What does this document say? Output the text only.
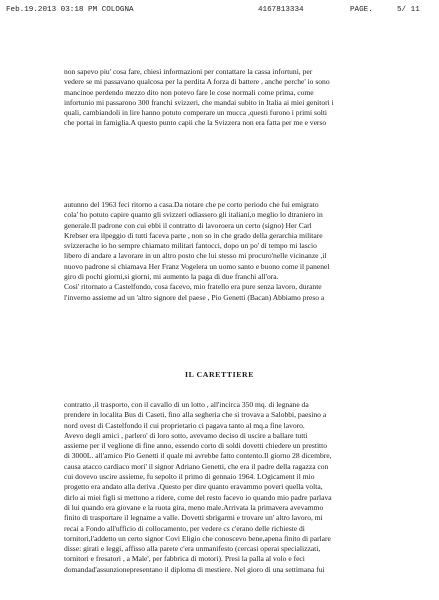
Feb.19.2013 03:18 PM COLOGNA	4167813334	PAGE.	5/ 11

non sapevo piu' cosa fare, chiesi informazioni per contattare la cassa infortuni, per
vedere se mi passavano qualcosa per la perdita A forza di battere , anche perche' io sono
mancinoe perdendo mezzo dito non potevo fare le cose normali come prima, come
infortunio mi passarono 300 franchi svizzeri, che mandai subito in Italia ai miei genitori i
quali, cambiandoli in lire hanno potuto comperare un mucca ,questi furono i primi solti
che portai in famiglia.A questo punto capii che la Svizzera non era fatta per me e verso

autunno del 1963 feci ritorno a casa.Da notare che pe corto periodo che fui emigrato
cola' ho potuto capire quanto gli svizzeri odiassero gli italiani,o meglio lo dtraniero in
generale.Il padrone con cui ebbi il contratto di lavoroera un certo (signo) Her Carl
Krebser era ilpeggio di tutti faceva parte , non so in che grado della gerarchia militare
svizzerache io ho sempre chiamato militari fantocci, dopo un po' di tempo mi lascio
libero di andare a lavorare in un altro posto che lui stesso mi procuro'nelle vicinanze ,il
nuovo padrone si chiamava Her Franz Vogelera un uomo santo e buono come il panenel
giro di pochi giorni,si giorni, mi aumento la paga di due franchi all'ora.
Cosi' ritornato a Castelfondo, cosa facevo, mio fratello era pure senza lavoro, durante
l'inverno assieme ad un 'altro signore del paese , Pio Genetti (Bacan) Abbiamo preso a

IL CARETTIERE

contratto ,il trasporto, con il cavallo di un lotto , all'incirca 350 mq. di legnane da
prendere in localita Bus di Caseti, fino alla segheria che si trovava a Salobbi, paesino a
nord ovest di Castelfondo il cui proprietario ci pagava tanto al mq.a fine lavoro.
Avevo degli amici , parlero' di loro sotto, avevamo deciso di uscire a ballare tutti
assieme per il veglione di fine anno, essendo corto di soldi dovetti chiedere un prestitto
di 3000L. all'amico Pio Genetti il quale mi avrebbe fatto contento.Il giorno 28 dicembre,
causa atacco cardiaco mori' il signor Adriano Genetti, che era il padre della ragazza con
cui dovevo uscire assieme, fu sepolto il primo di gennaio 1964. LOgicament il mio
progetto era andato alla deriva .Questo per dire quanto eravammo poveri quella volta,
dirlo ai miei figli si mettono a ridere, come del resto facevo io quando mio padre parlava
di lui quando era giovane e la ruota gira, meno male.Arrivata la primavera avevammo
finito di trasportare il legname a valle. Dovetti sbrigarmi e trovare un' altro lavoro, mi
recai a Fondo all'ufficio di collocamento, per vedere cs c'erano delle richieste di
tornitori,l'addetto un certo signor Covi Eligio che conoscevo bene,apena finito di parlare
disse: girati e leggi, affisso alla parete c'era unmanifesto (cercasi operai specializzati,
tornitori e fresatori , a Male', per fabbrica di motori). Presi la palla al volo e feci
domandad'assunzionepresentano il diploma di mestiere. Nel gioro di una settimana fui
